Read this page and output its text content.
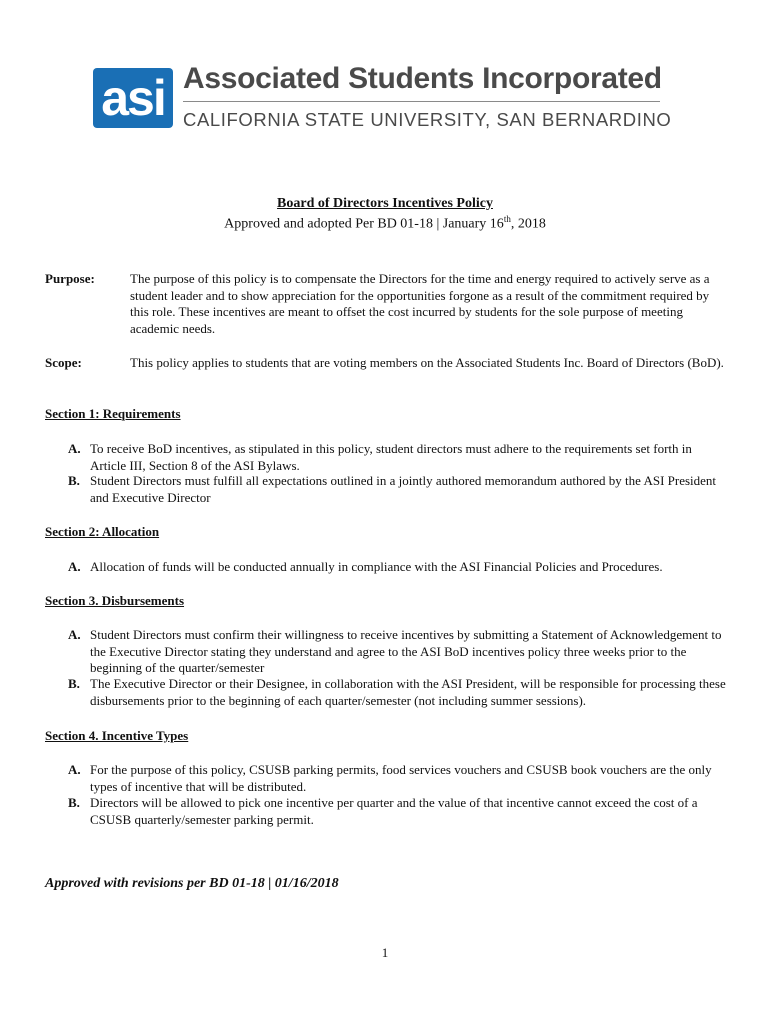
asi Associated Students Incorporated
CALIFORNIA STATE UNIVERSITY, SAN BERNARDINO
Board of Directors Incentives Policy
Approved and adopted Per BD 01-18 | January 16th, 2018
Purpose:	The purpose of this policy is to compensate the Directors for the time and energy required to actively serve as a student leader and to show appreciation for the opportunities forgone as a result of the commitment required by this role. These incentives are meant to offset the cost incurred by students for the sole purpose of meeting academic needs.
Scope:	This policy applies to students that are voting members on the Associated Students Inc. Board of Directors (BoD).
Section 1: Requirements
A. To receive BoD incentives, as stipulated in this policy, student directors must adhere to the requirements set forth in Article III, Section 8 of the ASI Bylaws.
B. Student Directors must fulfill all expectations outlined in a jointly authored memorandum authored by the ASI President and Executive Director
Section 2: Allocation
A. Allocation of funds will be conducted annually in compliance with the ASI Financial Policies and Procedures.
Section 3. Disbursements
A. Student Directors must confirm their willingness to receive incentives by submitting a Statement of Acknowledgement to the Executive Director stating they understand and agree to the ASI BoD incentives policy three weeks prior to the beginning of the quarter/semester
B. The Executive Director or their Designee, in collaboration with the ASI President, will be responsible for processing these disbursements prior to the beginning of each quarter/semester (not including summer sessions).
Section 4. Incentive Types
A. For the purpose of this policy, CSUSB parking permits, food services vouchers and CSUSB book vouchers are the only types of incentive that will be distributed.
B. Directors will be allowed to pick one incentive per quarter and the value of that incentive cannot exceed the cost of a CSUSB quarterly/semester parking permit.
Approved with revisions per BD 01-18 | 01/16/2018
1
